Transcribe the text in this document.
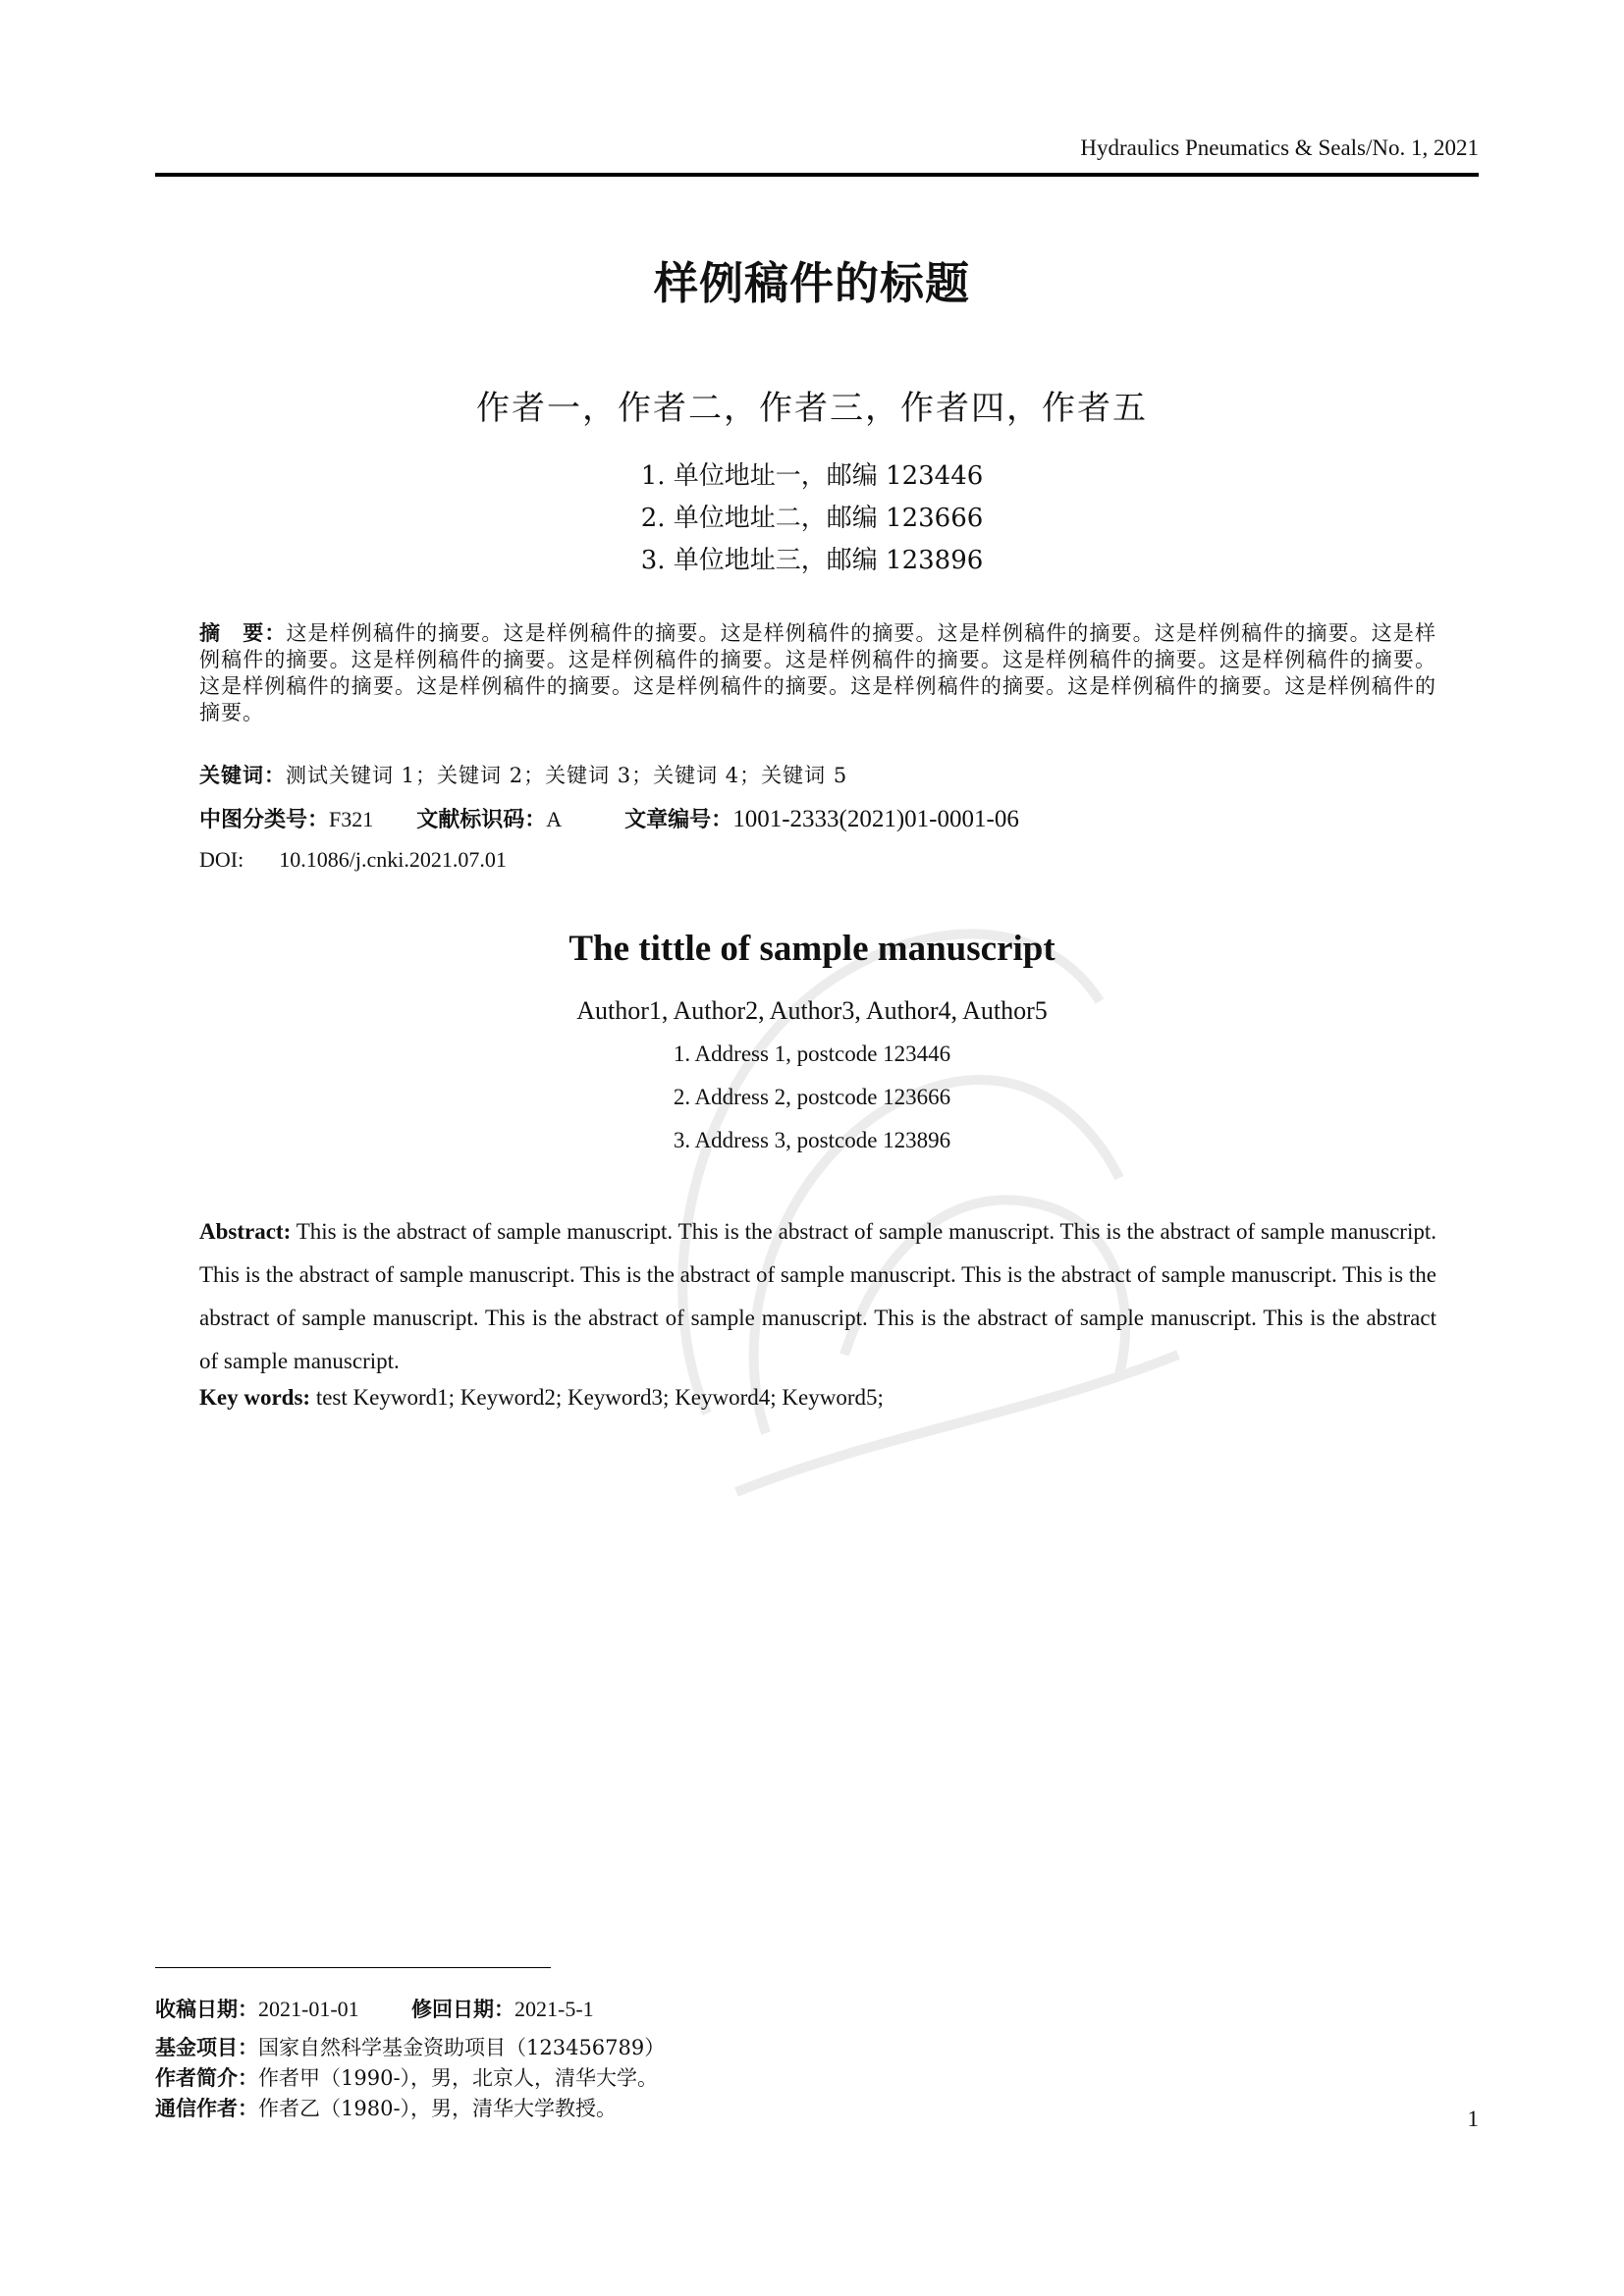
Hydraulics Pneumatics & Seals/No. 1, 2021
样例稿件的标题
作者一，作者二，作者三，作者四，作者五
1. 单位地址一，邮编 123446
2. 单位地址二，邮编 123666
3. 单位地址三，邮编 123896
摘　要：这是样例稿件的摘要。这是样例稿件的摘要。这是样例稿件的摘要。这是样例稿件的摘要。这是样例稿件的摘要。这是样例稿件的摘要。这是样例稿件的摘要。这是样例稿件的摘要。这是样例稿件的摘要。这是样例稿件的摘要。这是样例稿件的摘要。这是样例稿件的摘要。这是样例稿件的摘要。这是样例稿件的摘要。这是样例稿件的摘要。这是样例稿件的摘要。这是样例稿件的摘要。
关键词：测试关键词 1；关键词 2；关键词 3；关键词 4；关键词 5
中图分类号：F321 文献标识码：A	文章编号：1001-2333(2021)01-0001-06
DOI: 10.1086/j.cnki.2021.07.01
The tittle of sample manuscript
Author1, Author2, Author3, Author4, Author5
1. Address 1, postcode 123446
2. Address 2, postcode 123666
3. Address 3, postcode 123896
Abstract: This is the abstract of sample manuscript. This is the abstract of sample manuscript. This is the abstract of sample manuscript. This is the abstract of sample manuscript. This is the abstract of sample manuscript. This is the abstract of sample manuscript. This is the abstract of sample manuscript. This is the abstract of sample manuscript. This is the abstract of sample manuscript. This is the abstract of sample manuscript.
Key words: test Keyword1; Keyword2; Keyword3; Keyword4; Keyword5;
收稿日期：2021-01-01	修回日期：2021-5-1
基金项目：国家自然科学基金资助项目（123456789）
作者简介：作者甲（1990-），男，北京人，清华大学。
通信作者：作者乙（1980-），男，清华大学教授。	1
